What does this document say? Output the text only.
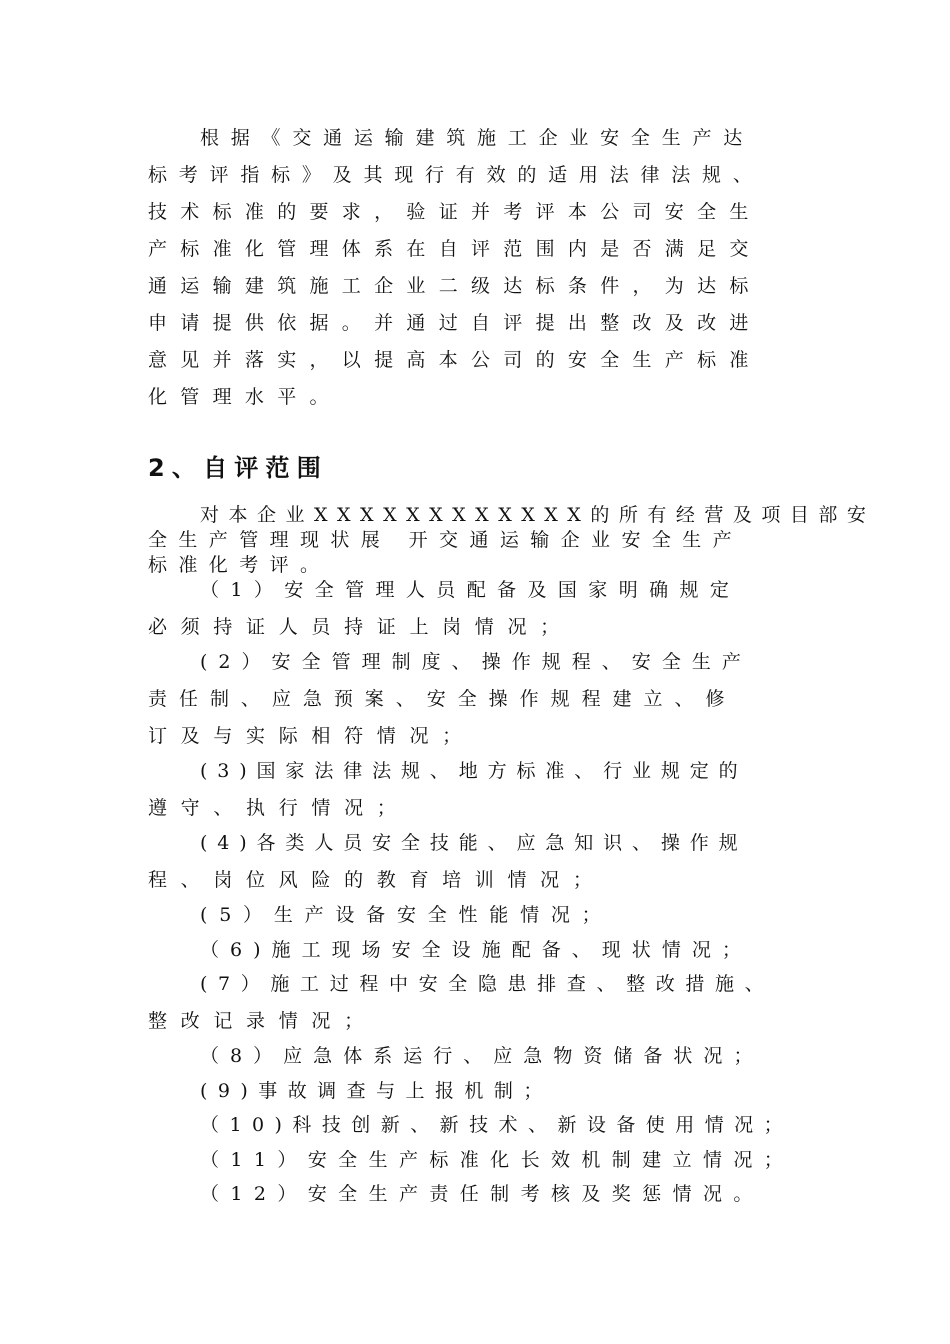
根据《交通运输建筑施工企业安全生产达
标考评指标》及其现行有效的适用法律法规、
技术标准的要求，验证并考评本公司安全生
产标准化管理体系在自评范围内是否满足交
通运输建筑施工企业二级达标条件，为达标
申请提供依据。并通过自评提出整改及改进
意见并落实，以提高本公司的安全生产标准
化管理水平。
2、自评范围
对本企业XXXXXXXXXXXX的所有经营及项目部安
全生产管理现状展 开交通运输企业安全生产
标准化考评。
（1）安全管理人员配备及国家明确规定
必须持证人员持证上岗情况；
(2）安全管理制度、操作规程、安全生产
责任制、应急预案、安全操作规程建立、修
订及与实际相符情况；
(3)国家法律法规、地方标准、行业规定的
遵守、执行情况；
(4)各类人员安全技能、应急知识、操作规
程、岗位风险的教育培训情况；
(5）生产设备安全性能情况；
（6)施工现场安全设施配备、现状情况；
(7）施工过程中安全隐患排查、整改措施、
整改记录情况；
（8）应急体系运行、应急物资储备状况；
(9)事故调查与上报机制；
（10)科技创新、新技术、新设备使用情况；
（11）安全生产标准化长效机制建立情况；
（12）安全生产责任制考核及奖惩情况。
